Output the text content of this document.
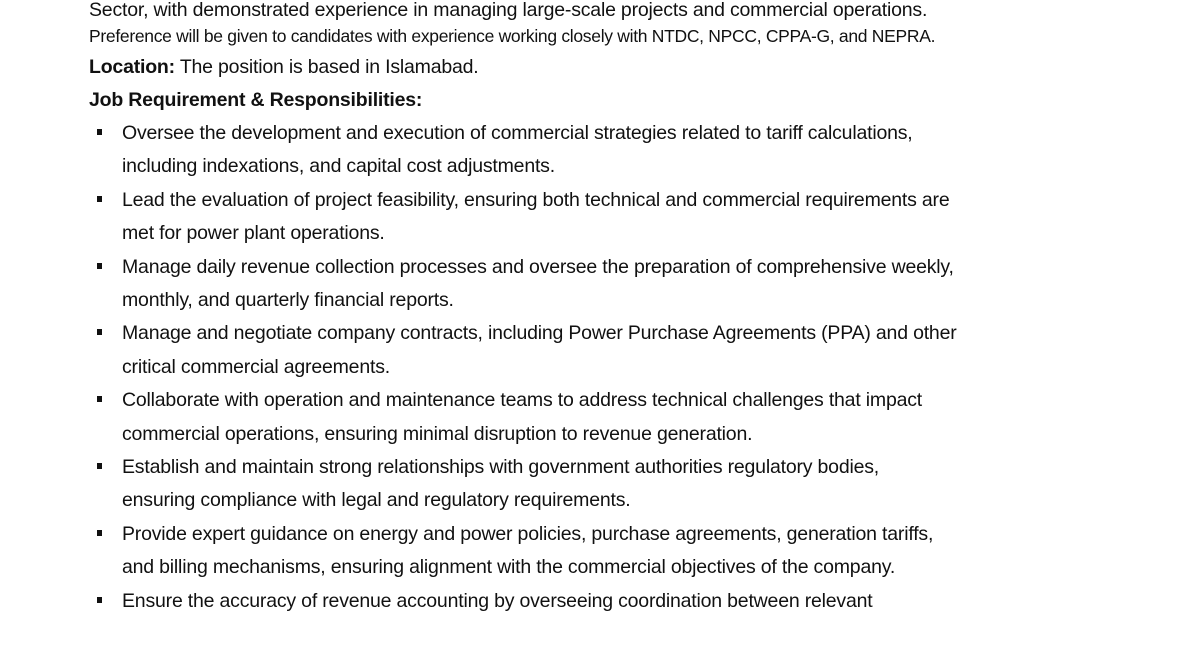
Sector, with demonstrated experience in managing large-scale projects and commercial operations.
Preference will be given to candidates with experience working closely with NTDC, NPCC, CPPA-G, and NEPRA.
Location: The position is based in Islamabad.
Job Requirement & Responsibilities:
Oversee the development and execution of commercial strategies related to tariff calculations,
including indexations, and capital cost adjustments.
Lead the evaluation of project feasibility, ensuring both technical and commercial requirements are
met for power plant operations.
Manage daily revenue collection processes and oversee the preparation of comprehensive weekly,
monthly, and quarterly financial reports.
Manage and negotiate company contracts, including Power Purchase Agreements (PPA) and other
critical commercial agreements.
Collaborate with operation and maintenance teams to address technical challenges that impact
commercial operations, ensuring minimal disruption to revenue generation.
Establish and maintain strong relationships with government authorities regulatory bodies,
ensuring compliance with legal and regulatory requirements.
Provide expert guidance on energy and power policies, purchase agreements, generation tariffs,
and billing mechanisms, ensuring alignment with the commercial objectives of the company.
Ensure the accuracy of revenue accounting by overseeing coordination between relevant
